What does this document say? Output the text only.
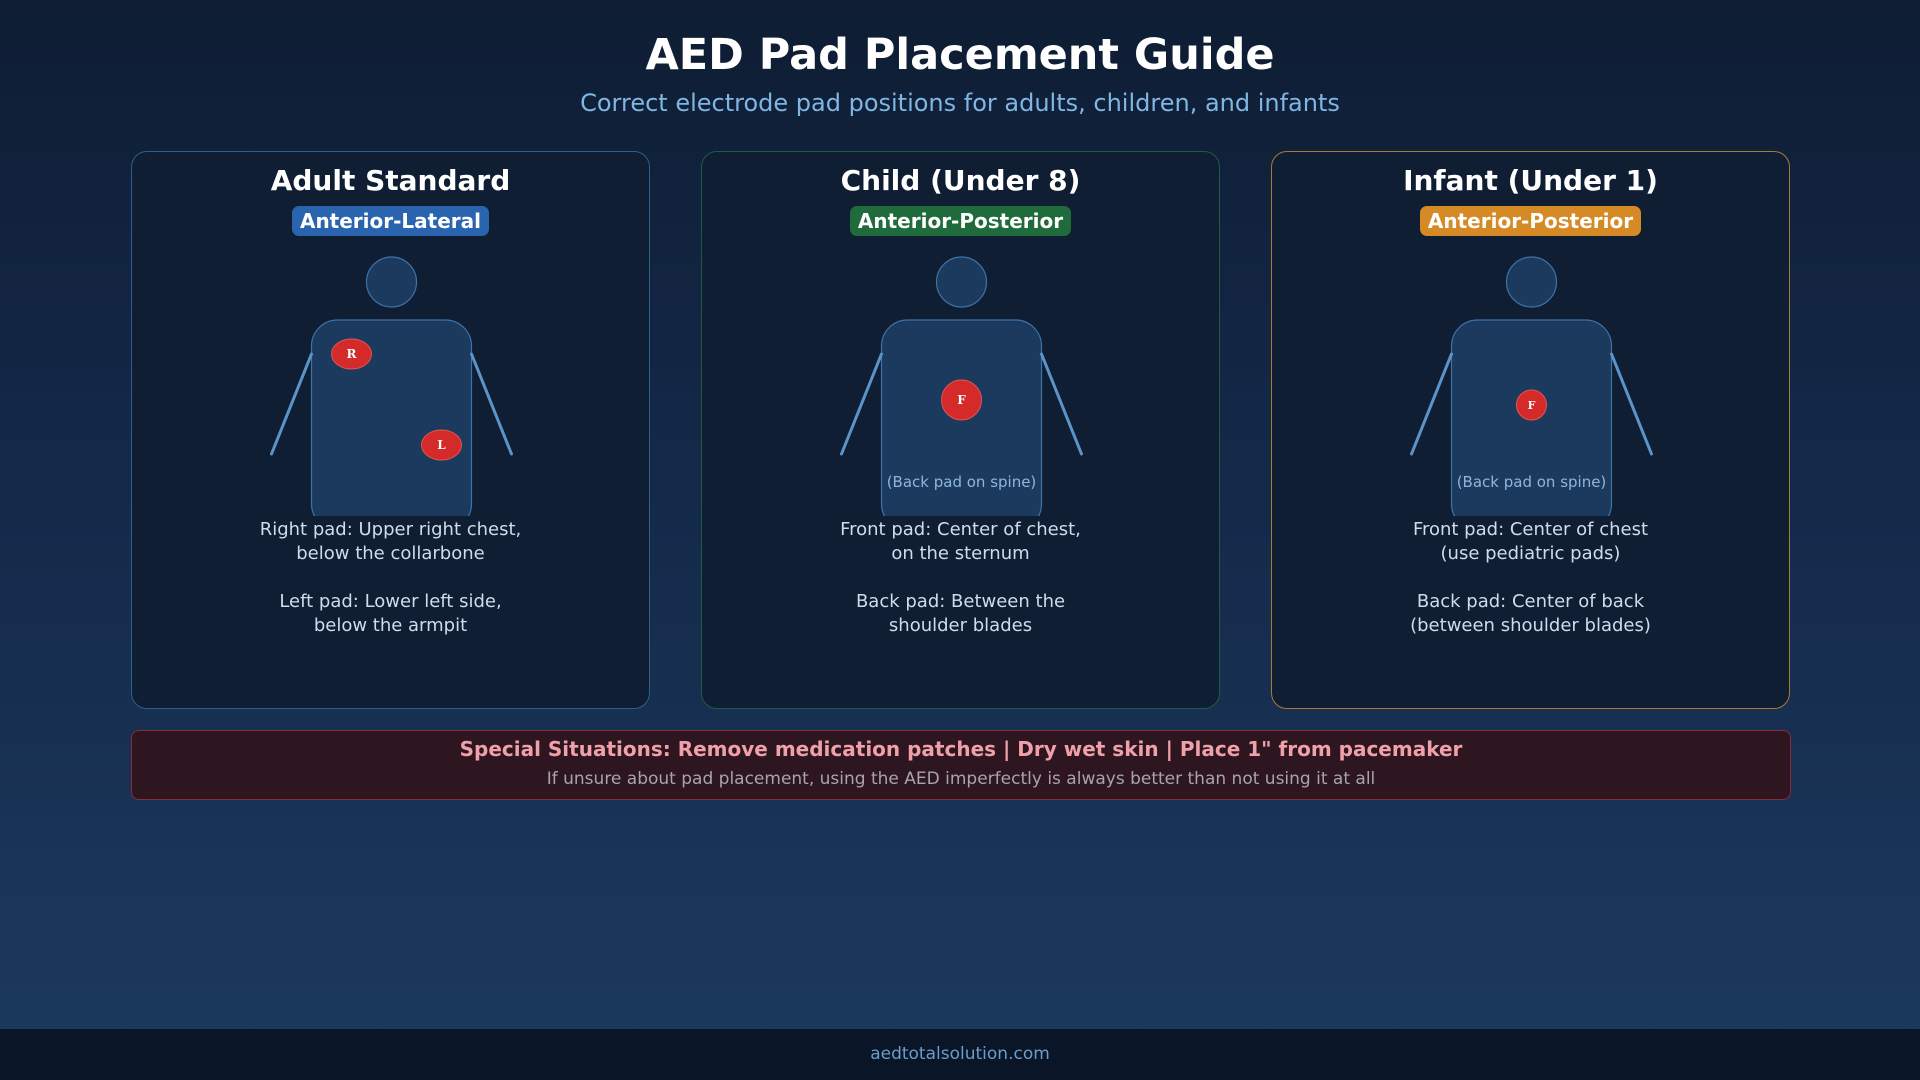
AED Pad Placement Guide
Correct electrode pad positions for adults, children, and infants
Adult Standard
Anterior-Lateral
R
L

Right pad: Upper right chest,

below the collarbone

Left pad: Lower left side,

below the armpit

Child (Under 8)
Anterior-Posterior
F
(Back pad on spine)

Front pad: Center of chest,

on the sternum

Back pad: Between the

shoulder blades

Infant (Under 1)
Anterior-Posterior
F
(Back pad on spine)

Front pad: Center of chest

(use pediatric pads)

Back pad: Center of back

(between shoulder blades)

Special Situations: Remove medication patches | Dry wet skin | Place 1" from pacemaker
If unsure about pad placement, using the AED imperfectly is always better than not using it at all
aedtotalsolution.com
